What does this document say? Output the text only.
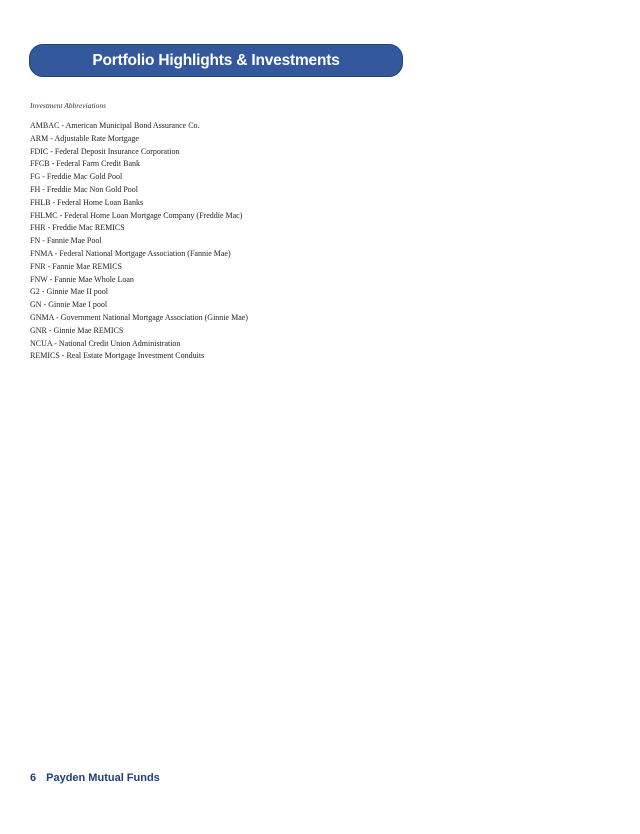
Portfolio Highlights & Investments
Investment Abbreviations
AMBAC - American Municipal Bond Assurance Co.
ARM - Adjustable Rate Mortgage
FDIC - Federal Deposit Insurance Corporation
FFCB - Federal Farm Credit Bank
FG - Freddie Mac Gold Pool
FH - Freddie Mac Non Gold Pool
FHLB - Federal Home Loan Banks
FHLMC - Federal Home Loan Mortgage Company (Freddie Mac)
FHR - Freddie Mac REMICS
FN - Fannie Mae Pool
FNMA - Federal National Mortgage Association (Fannie Mae)
FNR - Fannie Mae REMICS
FNW - Fannie Mae Whole Loan
G2 - Ginnie Mae II pool
GN - Ginnie Mae I pool
GNMA - Government National Mortgage Association (Ginnie Mae)
GNR - Ginnie Mae REMICS
NCUA - National Credit Union Administration
REMICS - Real Estate Mortgage Investment Conduits
6 Payden Mutual Funds
